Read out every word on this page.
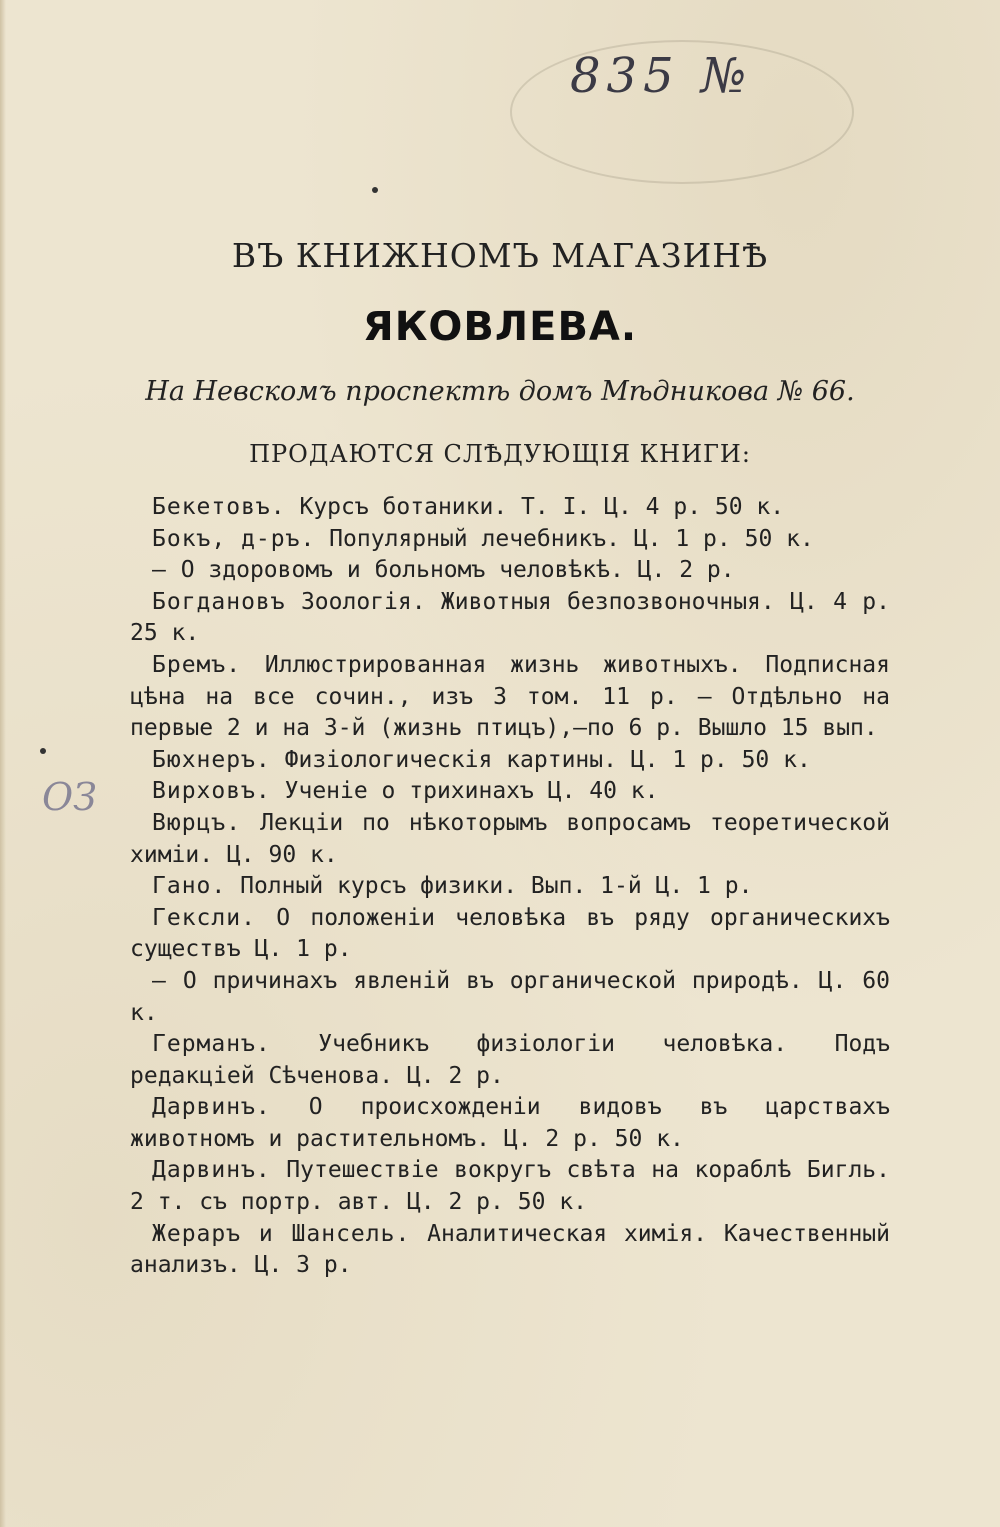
835 №
ОЗ
ВЪ КНИЖНОМЪ МАГАЗИНѢ
ЯКОВЛЕВА.
На Невскомъ проспектѣ домъ Мѣдникова № 66.
ПРОДАЮТСЯ СЛѢДУЮЩІЯ КНИГИ:
Бекетовъ. Курсъ ботаники. Т. I. Ц. 4 р. 50 к.
Бокъ, д-ръ. Популярный лечебникъ. Ц. 1 р. 50 к.
— О здоровомъ и больномъ человѣкѣ. Ц. 2 р.
Богдановъ Зоологія. Животныя безпозвоночныя. Ц. 4 р. 25 к.
Бремъ. Иллюстрированная жизнь животныхъ. Подписная цѣна на все сочин., изъ 3 том. 11 р. — Отдѣльно на первые 2 и на 3-й (жизнь птицъ),—по 6 р. Вышло 15 вып.
Бюхнеръ. Физіологическія картины. Ц. 1 р. 50 к.
Вирховъ. Ученіе о трихинахъ Ц. 40 к.
Вюрцъ. Лекціи по нѣкоторымъ вопросамъ теоретической химіи. Ц. 90 к.
Гано. Полный курсъ физики. Вып. 1-й Ц. 1 р.
Гексли. О положеніи человѣка въ ряду органическихъ существъ Ц. 1 р.
— О причинахъ явленій въ органической природѣ. Ц. 60 к.
Германъ. Учебникъ физіологіи человѣка. Подъ редакціей Сѣченова. Ц. 2 р.
Дарвинъ. О происхожденіи видовъ въ царствахъ животномъ и растительномъ. Ц. 2 р. 50 к.
Дарвинъ. Путешествіе вокругъ свѣта на кораблѣ Бигль. 2 т. съ портр. авт. Ц. 2 р. 50 к.
Жераръ и Шансель. Аналитическая химія. Качественный анализъ. Ц. 3 р.
